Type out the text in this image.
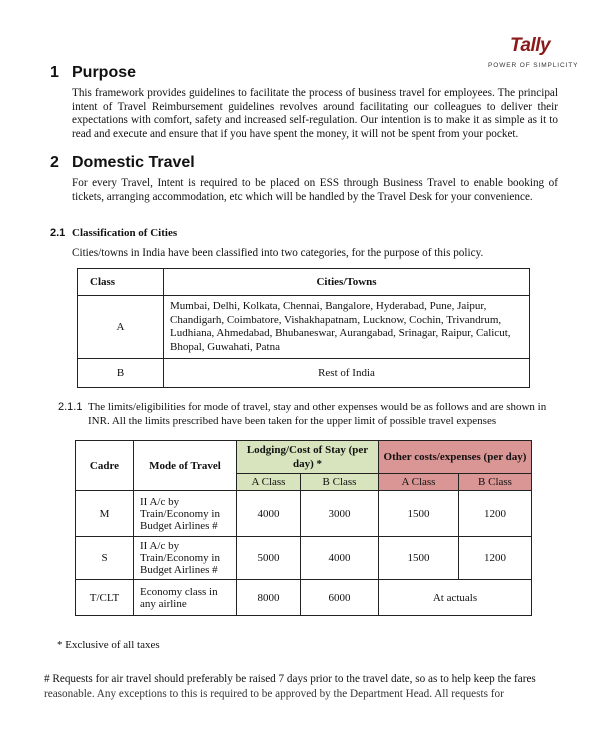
Tally
POWER OF SIMPLICITY
1 Purpose
This framework provides guidelines to facilitate the process of business travel for employees. The principal intent of Travel Reimbursement guidelines revolves around facilitating our colleagues to deliver their expectations with comfort, safety and increased self-regulation. Our intention is to make it as simple as it to read and execute and ensure that if you have spent the money, it will not be spent from your pocket.
2 Domestic Travel
For every Travel, Intent is required to be placed on ESS through Business Travel to enable booking of tickets, arranging accommodation, etc which will be handled by the Travel Desk for your convenience.
2.1 Classification of Cities
Cities/towns in India have been classified into two categories, for the purpose of this policy.
Class	Cities/Towns
A	Mumbai, Delhi, Kolkata, Chennai, Bangalore, Hyderabad, Pune, Jaipur, Chandigarh, Coimbatore, Vishakhapatnam, Lucknow, Cochin, Trivandrum, Ludhiana, Ahmedabad, Bhubaneswar, Aurangabad, Srinagar, Raipur, Calicut, Bhopal, Guwahati, Patna
B	Rest of India
2.1.1 The limits/eligibilities for mode of travel, stay and other expenses would be as follows and are shown in INR. All the limits prescribed have been taken for the upper limit of possible travel expenses
Cadre	Mode of Travel	Lodging/Cost of Stay (per day) *		Other costs/expenses (per day)	
		A Class	B Class	A Class	B Class
M	II A/c by Train/Economy in Budget Airlines #	4000	3000	1500	1200
S	II A/c by Train/Economy in Budget Airlines #	5000	4000	1500	1200
T/CLT	Economy class in any airline	8000	6000	At actuals	
* Exclusive of all taxes
# Requests for air travel should preferably be raised 7 days prior to the travel date, so as to help keep the fares
reasonable. Any exceptions to this is required to be approved by the Department Head. All requests for
